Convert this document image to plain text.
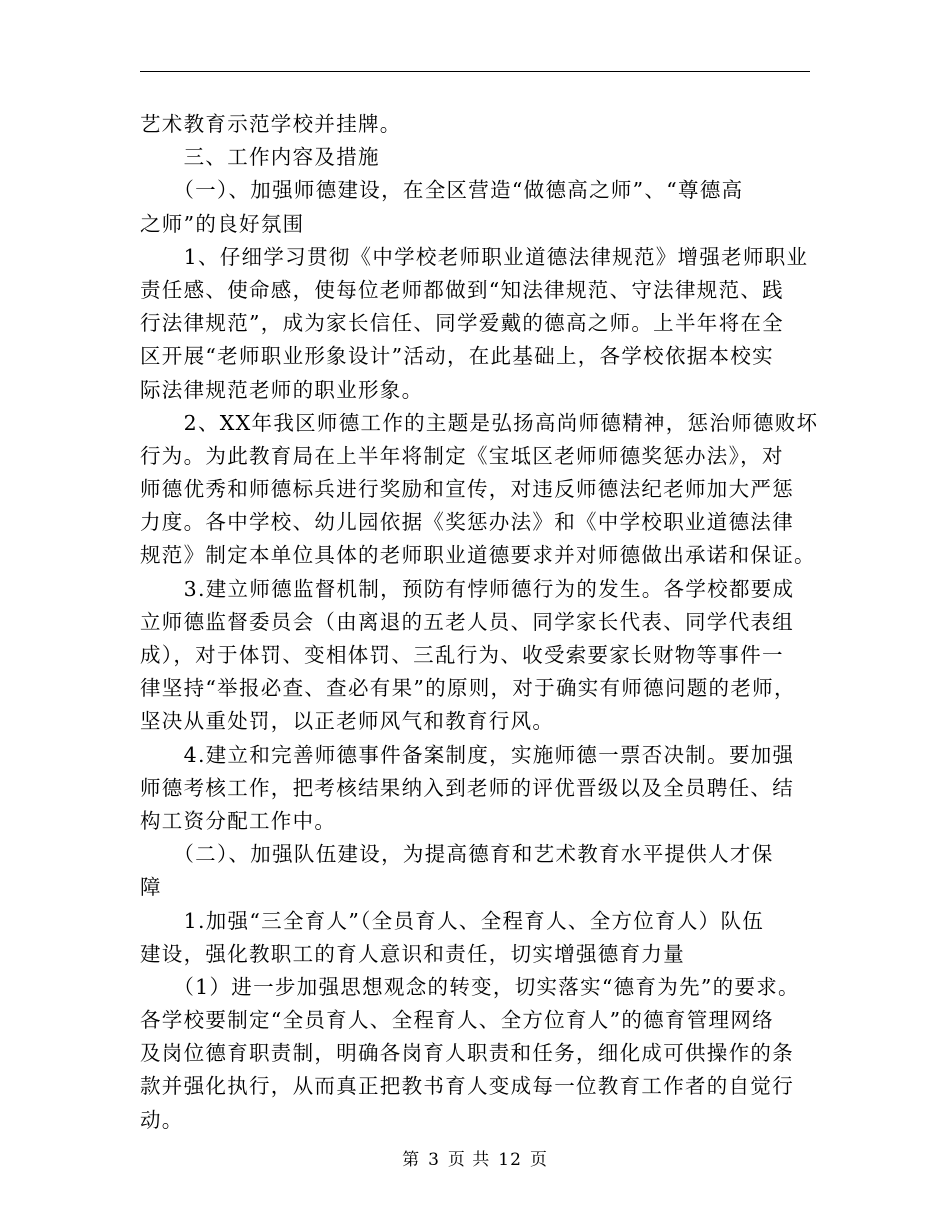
艺术教育示范学校并挂牌。
　　三、工作内容及措施
　　（一）、加强师德建设，在全区营造“做德高之师”、“尊德高
之师”的良好氛围
　　1、仔细学习贯彻《中学校老师职业道德法律规范》增强老师职业
责任感、使命感，使每位老师都做到“知法律规范、守法律规范、践
行法律规范”，成为家长信任、同学爱戴的德高之师。上半年将在全
区开展“老师职业形象设计”活动，在此基础上，各学校依据本校实
际法律规范老师的职业形象。
　　2、XX年我区师德工作的主题是弘扬高尚师德精神，惩治师德败坏
行为。为此教育局在上半年将制定《宝坻区老师师德奖惩办法》，对
师德优秀和师德标兵进行奖励和宣传，对违反师德法纪老师加大严惩
力度。各中学校、幼儿园依据《奖惩办法》和《中学校职业道德法律
规范》制定本单位具体的老师职业道德要求并对师德做出承诺和保证。
　　3.建立师德监督机制，预防有悖师德行为的发生。各学校都要成
立师德监督委员会（由离退的五老人员、同学家长代表、同学代表组
成），对于体罚、变相体罚、三乱行为、收受索要家长财物等事件一
律坚持“举报必查、查必有果”的原则，对于确实有师德问题的老师，
坚决从重处罚，以正老师风气和教育行风。
　　4.建立和完善师德事件备案制度，实施师德一票否决制。要加强
师德考核工作，把考核结果纳入到老师的评优晋级以及全员聘任、结
构工资分配工作中。
　　（二）、加强队伍建设，为提高德育和艺术教育水平提供人才保
障
　　1.加强“三全育人”（全员育人、全程育人、全方位育人）队伍
建设，强化教职工的育人意识和责任，切实增强德育力量
　　（1）进一步加强思想观念的转变，切实落实“德育为先”的要求。
各学校要制定“全员育人、全程育人、全方位育人”的德育管理网络
及岗位德育职责制，明确各岗育人职责和任务，细化成可供操作的条
款并强化执行，从而真正把教书育人变成每一位教育工作者的自觉行
动。
第 3 页 共 12 页
